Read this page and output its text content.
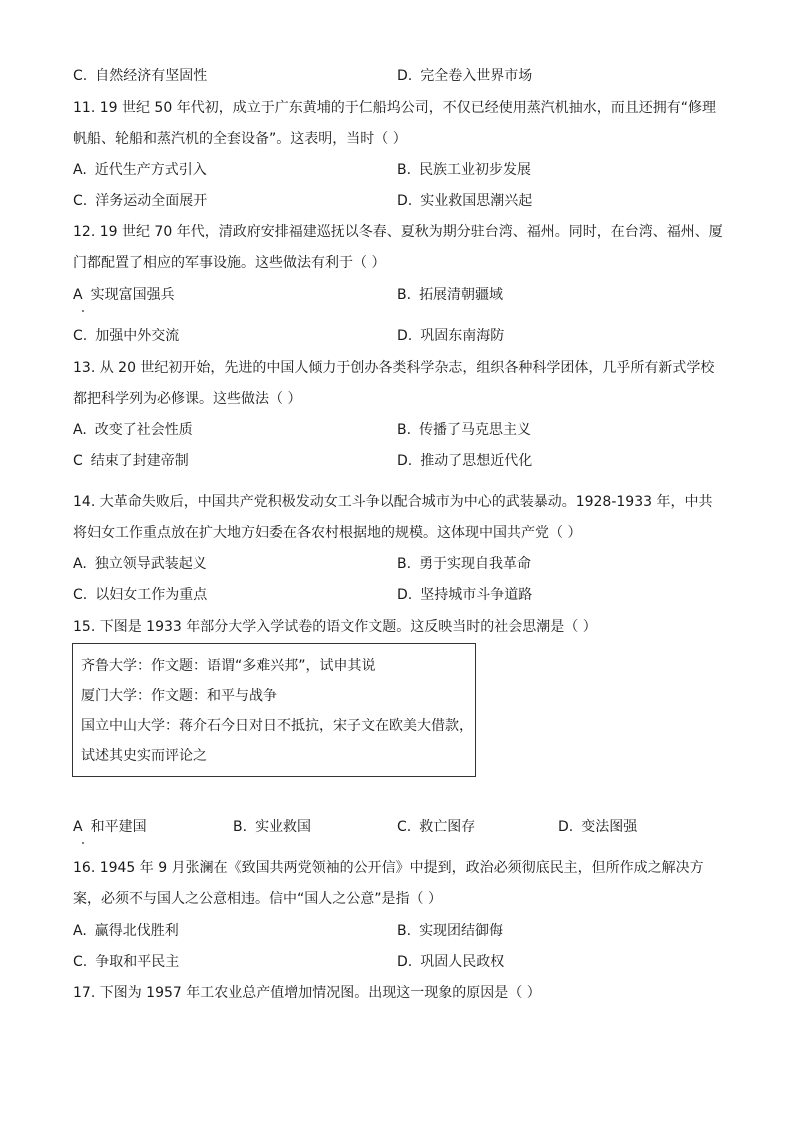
C. 自然经济有坚固性	D. 完全卷入世界市场
11. 19 世纪 50 年代初，成立于广东黄埔的于仁船坞公司，不仅已经使用蒸汽机抽水，而且还拥有“修理帆船、轮船和蒸汽机的全套设备”。这表明，当时（ ）
A. 近代生产方式引入	B. 民族工业初步发展
C. 洋务运动全面展开	D. 实业救国思潮兴起
12. 19 世纪 70 年代，清政府安排福建巡抚以冬春、夏秋为期分驻台湾、福州。同时，在台湾、福州、厦门都配置了相应的军事设施。这些做法有利于（ ）
A 实现富国强兵	B. 拓展清朝疆域
C. 加强中外交流	D. 巩固东南海防
13. 从 20 世纪初开始，先进的中国人倾力于创办各类科学杂志，组织各种科学团体，几乎所有新式学校都把科学列为必修课。这些做法（ ）
A. 改变了社会性质	B. 传播了马克思主义
C 结束了封建帝制	D. 推动了思想近代化
14. 大革命失败后，中国共产党积极发动女工斗争以配合城市为中心的武装暴动。1928-1933 年，中共将妇女工作重点放在扩大地方妇委在各农村根据地的规模。这体现中国共产党（ ）
A. 独立领导武装起义	B. 勇于实现自我革命
C. 以妇女工作为重点	D. 坚持城市斗争道路
15. 下图是 1933 年部分大学入学试卷的语文作文题。这反映当时的社会思潮是（ ）
齐鲁大学：作文题：语谓“多难兴邦”，试申其说
厦门大学：作文题：和平与战争
国立中山大学：蒋介石今日对日不抵抗，宋子文在欧美大借款，
试述其史实而评论之
A 和平建国	B. 实业救国	C. 救亡图存	D. 变法图强
16. 1945 年 9 月张澜在《致国共两党领袖的公开信》中提到，政治必须彻底民主，但所作成之解决方案，必须不与国人之公意相违。信中“国人之公意”是指（ ）
A. 赢得北伐胜利	B. 实现团结御侮
C. 争取和平民主	D. 巩固人民政权
17. 下图为 1957 年工农业总产值增加情况图。出现这一现象的原因是（ ）
